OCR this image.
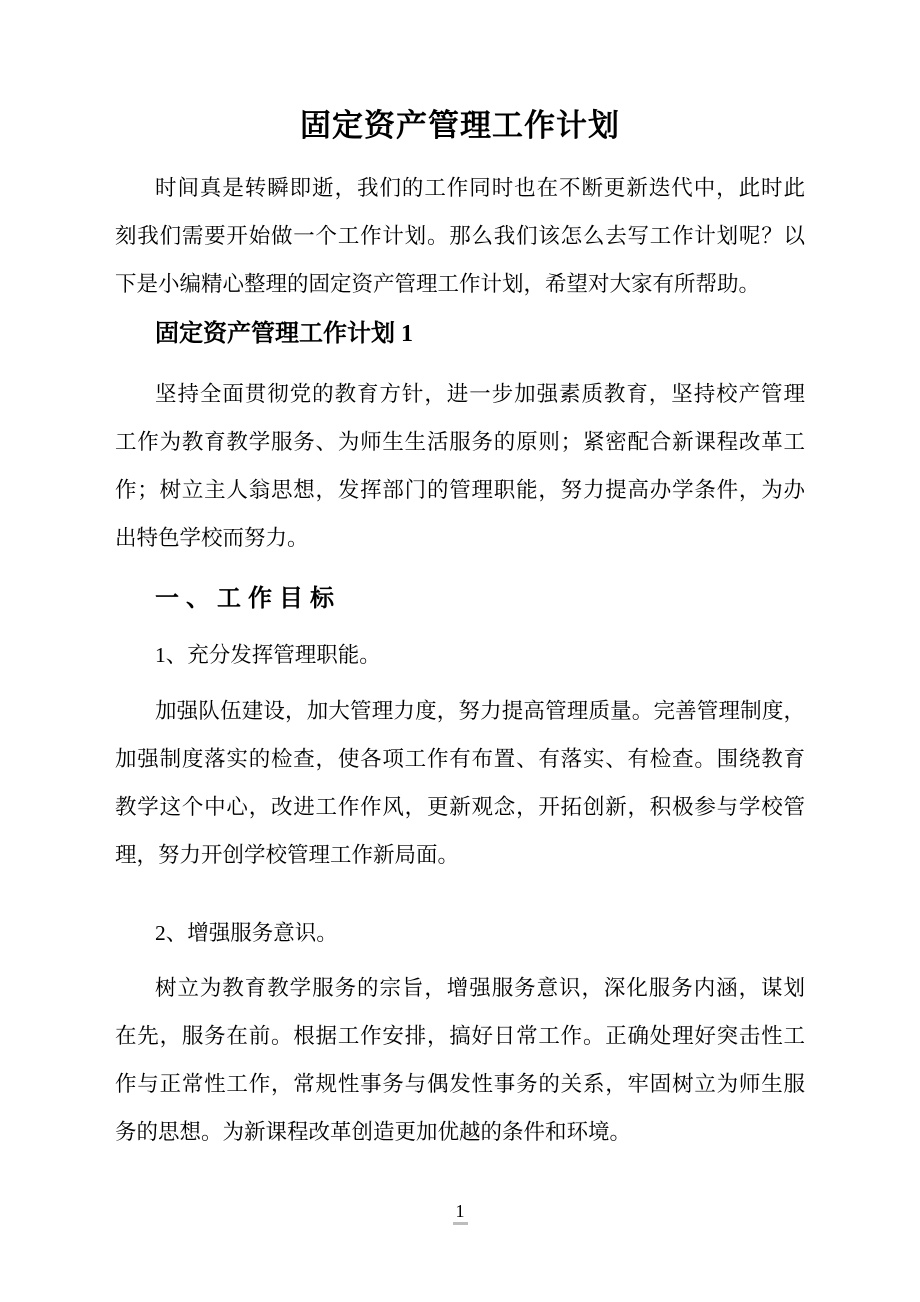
固定资产管理工作计划
时间真是转瞬即逝，我们的工作同时也在不断更新迭代中，此时此
刻我们需要开始做一个工作计划。那么我们该怎么去写工作计划呢？以
下是小编精心整理的固定资产管理工作计划，希望对大家有所帮助。
固定资产管理工作计划 1
坚持全面贯彻党的教育方针，进一步加强素质教育，坚持校产管理
工作为教育教学服务、为师生生活服务的原则；紧密配合新课程改革工
作；树立主人翁思想，发挥部门的管理职能，努力提高办学条件，为办
出特色学校而努力。
一、工作目标
1、充分发挥管理职能。
加强队伍建设，加大管理力度，努力提高管理质量。完善管理制度，
加强制度落实的检查，使各项工作有布置、有落实、有检查。围绕教育
教学这个中心，改进工作作风，更新观念，开拓创新，积极参与学校管
理，努力开创学校管理工作新局面。
2、增强服务意识。
树立为教育教学服务的宗旨，增强服务意识，深化服务内涵，谋划
在先，服务在前。根据工作安排，搞好日常工作。正确处理好突击性工
作与正常性工作，常规性事务与偶发性事务的关系，牢固树立为师生服
务的思想。为新课程改革创造更加优越的条件和环境。
1
